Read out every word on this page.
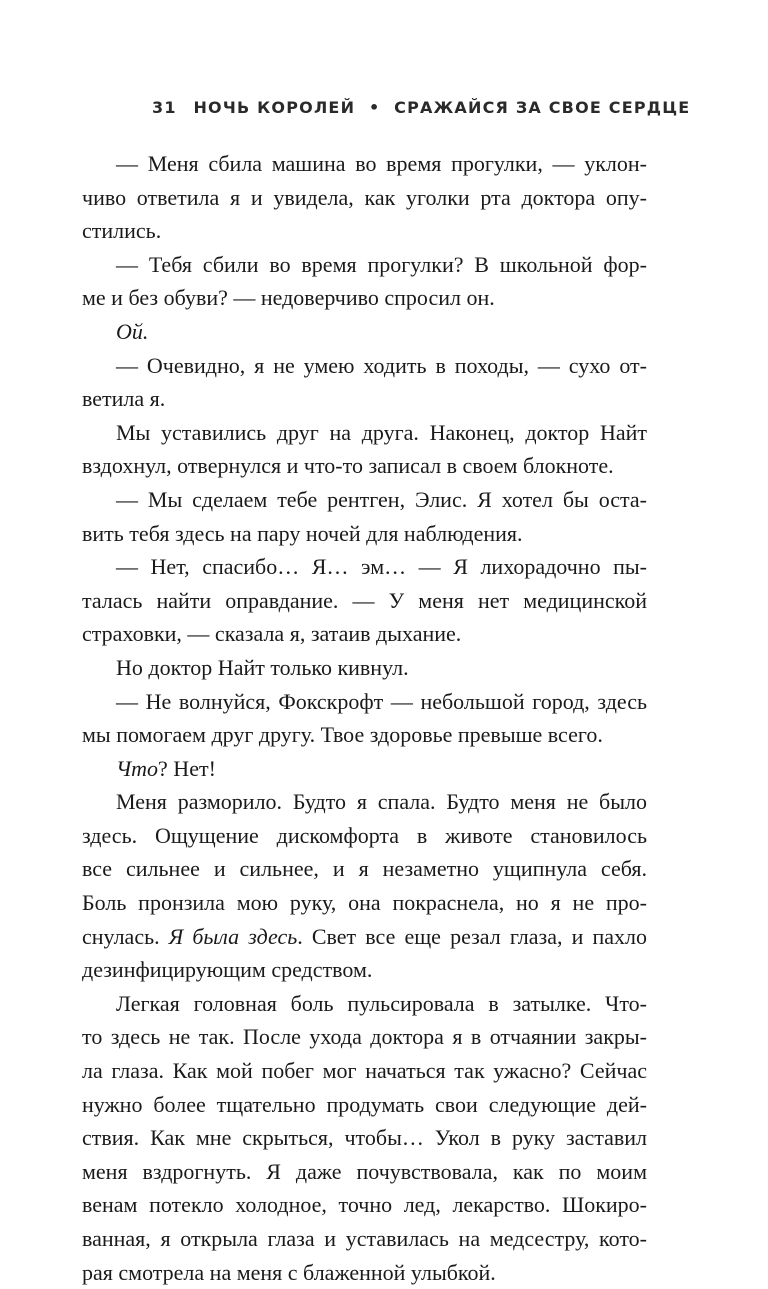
31 НОЧЬ КОРОЛЕЙ • СРАЖАЙСЯ ЗА СВОЕ СЕРДЦЕ
— Меня сбила машина во время прогулки, — уклон-
чиво ответила я и увидела, как уголки рта доктора опу-
стились.
— Тебя сбили во время прогулки? В школьной фор-
ме и без обуви? — недоверчиво спросил он.
Ой.
— Очевидно, я не умею ходить в походы, — сухо от-
ветила я.
Мы уставились друг на друга. Наконец, доктор Найт
вздохнул, отвернулся и что-то записал в своем блокноте.
— Мы сделаем тебе рентген, Элис. Я хотел бы оста-
вить тебя здесь на пару ночей для наблюдения.
— Нет, спасибо… Я… эм… — Я лихорадочно пы-
талась найти оправдание. — У меня нет медицинской
страховки, — сказала я, затаив дыхание.
Но доктор Найт только кивнул.
— Не волнуйся, Фокскрофт — небольшой город, здесь
мы помогаем друг другу. Твое здоровье превыше всего.
Что? Нет!
Меня разморило. Будто я спала. Будто меня не было
здесь. Ощущение дискомфорта в животе становилось
все сильнее и сильнее, и я незаметно ущипнула себя.
Боль пронзила мою руку, она покраснела, но я не про-
снулась. Я была здесь. Свет все еще резал глаза, и пахло
дезинфицирующим средством.
Легкая головная боль пульсировала в затылке. Что-
то здесь не так. После ухода доктора я в отчаянии закры-
ла глаза. Как мой побег мог начаться так ужасно? Сейчас
нужно более тщательно продумать свои следующие дей-
ствия. Как мне скрыться, чтобы… Укол в руку заставил
меня вздрогнуть. Я даже почувствовала, как по моим
венам потекло холодное, точно лед, лекарство. Шокиро-
ванная, я открыла глаза и уставилась на медсестру, кото-
рая смотрела на меня с блаженной улыбкой.
